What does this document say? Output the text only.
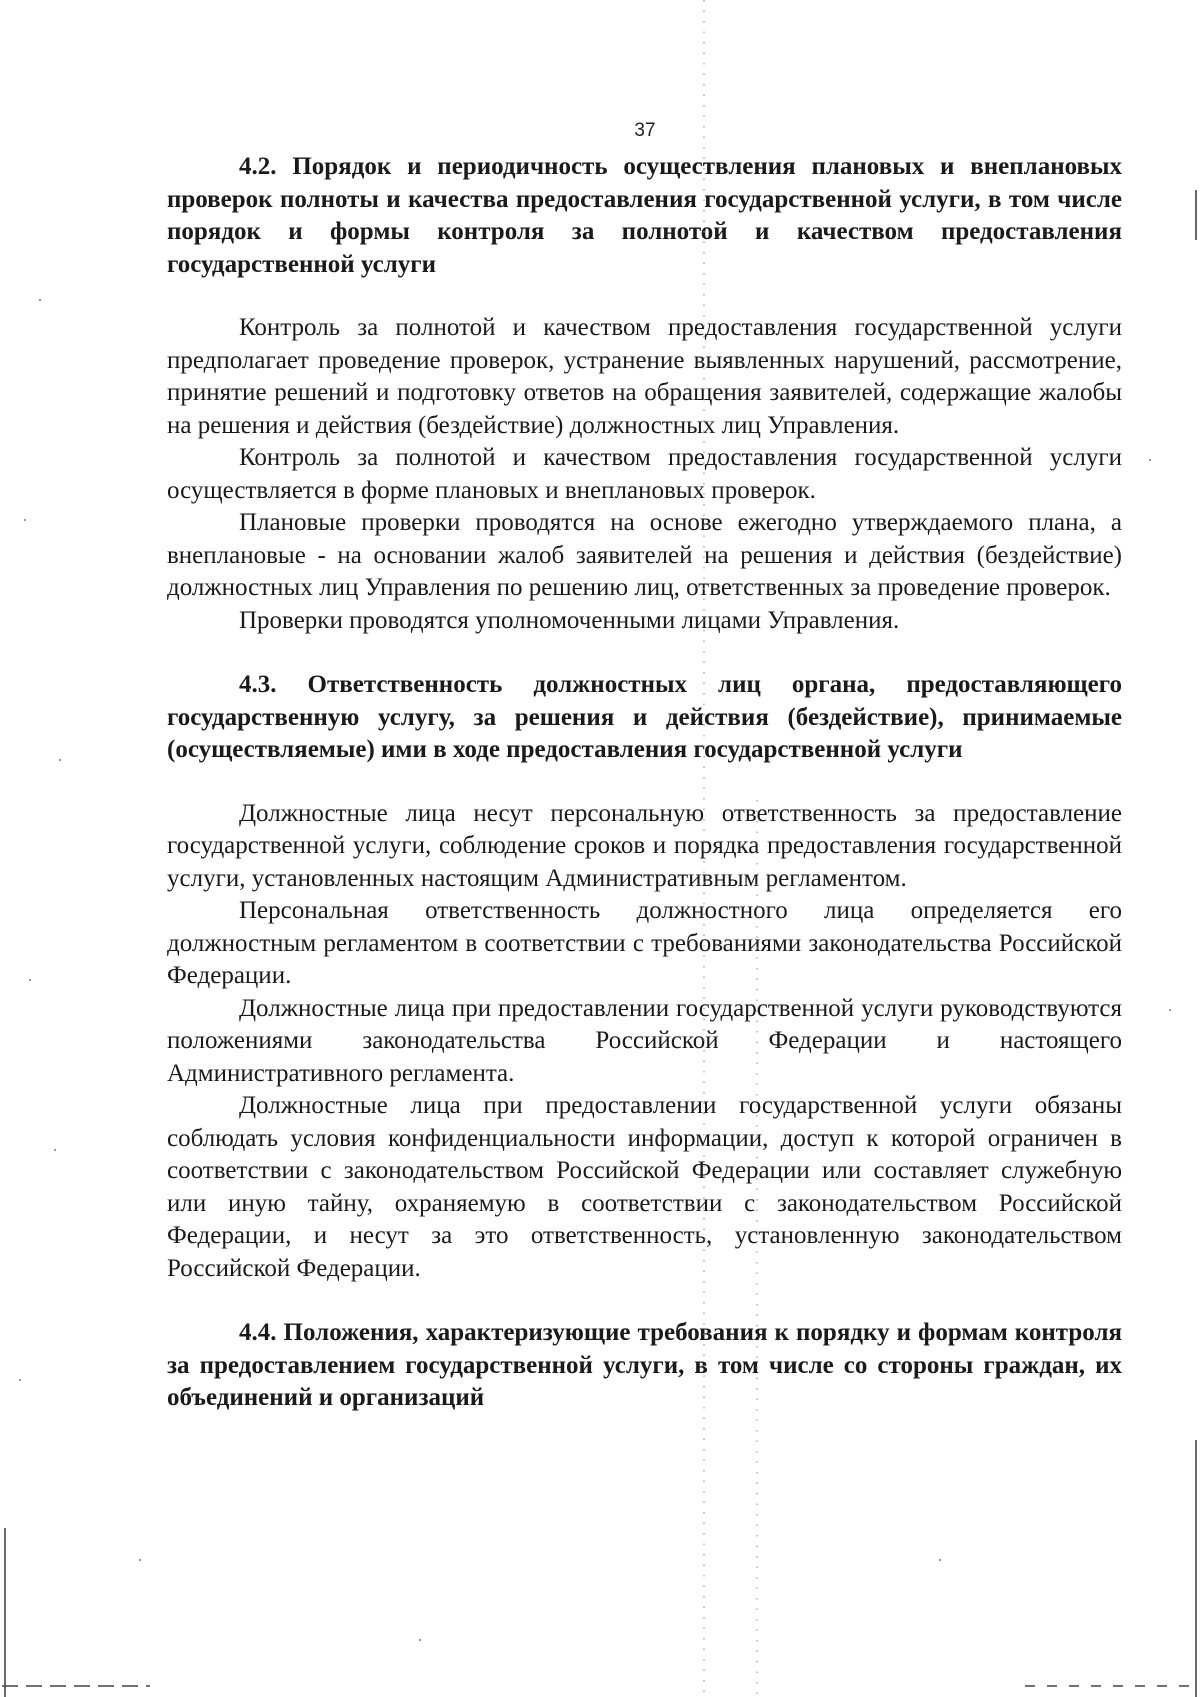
37

4.2. Порядок и периодичность осуществления плановых и внеплановых проверок полноты и качества предоставления государственной услуги, в том числе порядок и формы контроля за полнотой и качеством предоставления государственной услуги

Контроль за полнотой и качеством предоставления государственной услуги предполагает проведение проверок, устранение выявленных нарушений, рассмотрение, принятие решений и подготовку ответов на обращения заявителей, содержащие жалобы на решения и действия (бездействие) должностных лиц Управления.

Контроль за полнотой и качеством предоставления государственной услуги осуществляется в форме плановых и внеплановых проверок.

Плановые проверки проводятся на основе ежегодно утверждаемого плана, а внеплановые - на основании жалоб заявителей на решения и действия (бездействие) должностных лиц Управления по решению лиц, ответственных за проведение проверок.

Проверки проводятся уполномоченными лицами Управления.

4.3. Ответственность должностных лиц органа, предоставляющего государственную услугу, за решения и действия (бездействие), принимаемые (осуществляемые) ими в ходе предоставления государственной услуги

Должностные лица несут персональную ответственность за предоставление государственной услуги, соблюдение сроков и порядка предоставления государственной услуги, установленных настоящим Административным регламентом.

Персональная ответственность должностного лица определяется его должностным регламентом в соответствии с требованиями законодательства Российской Федерации.

Должностные лица при предоставлении государственной услуги руководствуются положениями законодательства Российской Федерации и настоящего Административного регламента.

Должностные лица при предоставлении государственной услуги обязаны соблюдать условия конфиденциальности информации, доступ к которой ограничен в соответствии с законодательством Российской Федерации или составляет служебную или иную тайну, охраняемую в соответствии с законодательством Российской Федерации, и несут за это ответственность, установленную законодательством Российской Федерации.

4.4. Положения, характеризующие требования к порядку и формам контроля за предоставлением государственной услуги, в том числе со стороны граждан, их объединений и организаций
